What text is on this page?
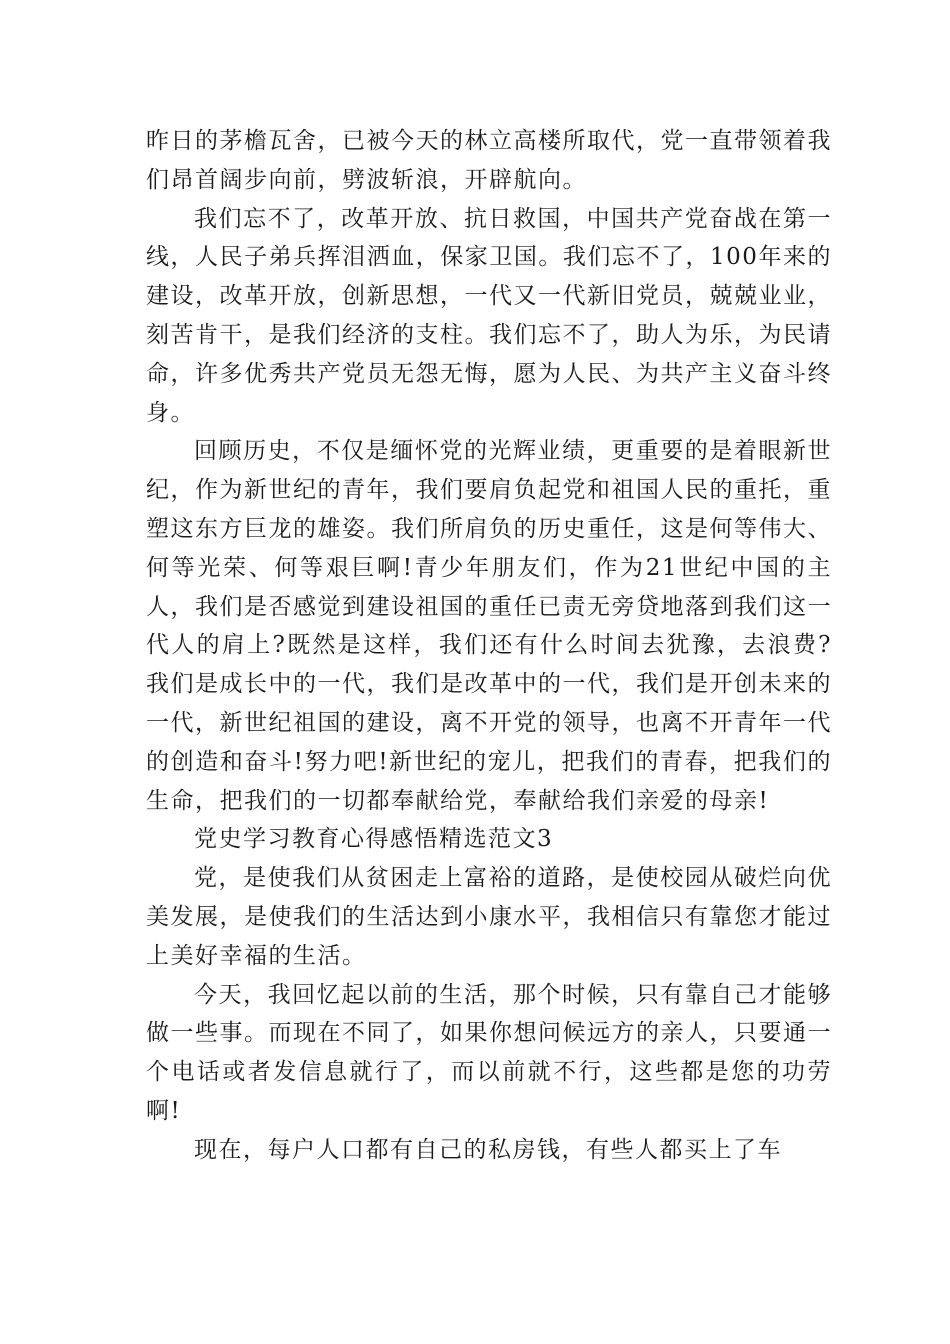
昨日的茅檐瓦舍，已被今天的林立高楼所取代，党一直带领着我们昂首阔步向前，劈波斩浪，开辟航向。

我们忘不了，改革开放、抗日救国，中国共产党奋战在第一线，人民子弟兵挥泪洒血，保家卫国。我们忘不了，100年来的建设，改革开放，创新思想，一代又一代新旧党员，兢兢业业，刻苦肯干，是我们经济的支柱。我们忘不了，助人为乐，为民请命，许多优秀共产党员无怨无悔，愿为人民、为共产主义奋斗终身。

回顾历史，不仅是缅怀党的光辉业绩，更重要的是着眼新世纪，作为新世纪的青年，我们要肩负起党和祖国人民的重托，重塑这东方巨龙的雄姿。我们所肩负的历史重任，这是何等伟大、何等光荣、何等艰巨啊!青少年朋友们，作为21世纪中国的主人，我们是否感觉到建设祖国的重任已责无旁贷地落到我们这一代人的肩上?既然是这样，我们还有什么时间去犹豫，去浪费?我们是成长中的一代，我们是改革中的一代，我们是开创未来的一代，新世纪祖国的建设，离不开党的领导，也离不开青年一代的创造和奋斗!努力吧!新世纪的宠儿，把我们的青春，把我们的生命，把我们的一切都奉献给党，奉献给我们亲爱的母亲!

党史学习教育心得感悟精选范文3

党，是使我们从贫困走上富裕的道路，是使校园从破烂向优美发展，是使我们的生活达到小康水平，我相信只有靠您才能过上美好幸福的生活。

今天，我回忆起以前的生活，那个时候，只有靠自己才能够做一些事。而现在不同了，如果你想问候远方的亲人，只要通一个电话或者发信息就行了，而以前就不行，这些都是您的功劳啊!

现在，每户人口都有自己的私房钱，有些人都买上了车
